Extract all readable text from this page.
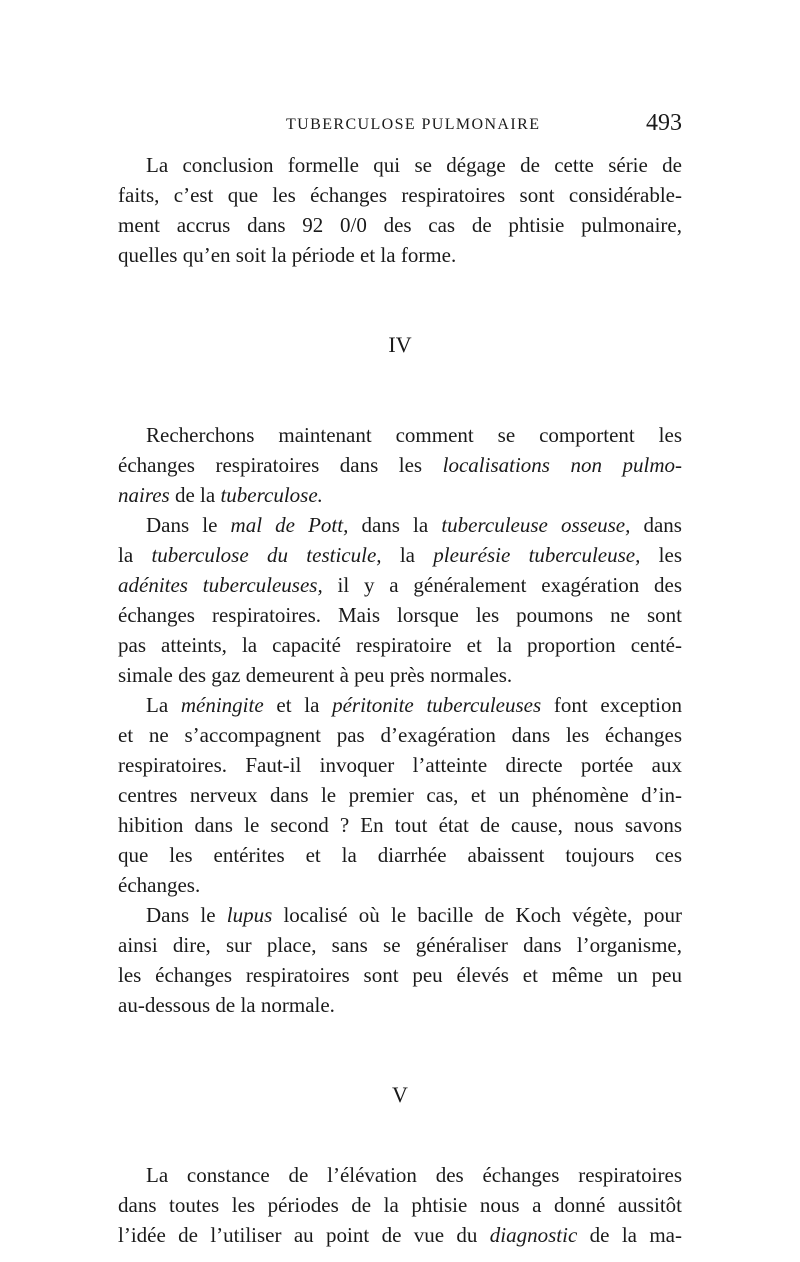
TUBERCULOSE PULMONAIRE	493
La conclusion formelle qui se dégage de cette série de
faits, c’est que les échanges respiratoires sont considérable-
ment accrus dans 92 0/0 des cas de phtisie pulmonaire,
quelles qu’en soit la période et la forme.
IV
Recherchons maintenant comment se comportent les
échanges respiratoires dans les localisations non pulmo-
naires de la tuberculose.
Dans le mal de Pott, dans la tuberculeuse osseuse, dans
la tuberculose du testicule, la pleurésie tuberculeuse, les
adénites tuberculeuses, il y a généralement exagération des
échanges respiratoires. Mais lorsque les poumons ne sont
pas atteints, la capacité respiratoire et la proportion centé-
simale des gaz demeurent à peu près normales.
La méningite et la péritonite tuberculeuses font exception
et ne s’accompagnent pas d’exagération dans les échanges
respiratoires. Faut-il invoquer l’atteinte directe portée aux
centres nerveux dans le premier cas, et un phénomène d’in-
hibition dans le second ? En tout état de cause, nous savons
que les entérites et la diarrhée abaissent toujours ces
échanges.
Dans le lupus localisé où le bacille de Koch végète, pour
ainsi dire, sur place, sans se généraliser dans l’organisme,
les échanges respiratoires sont peu élevés et même un peu
au-dessous de la normale.
V
La constance de l’élévation des échanges respiratoires
dans toutes les périodes de la phtisie nous a donné aussitôt
l’idée de l’utiliser au point de vue du diagnostic de la ma-
